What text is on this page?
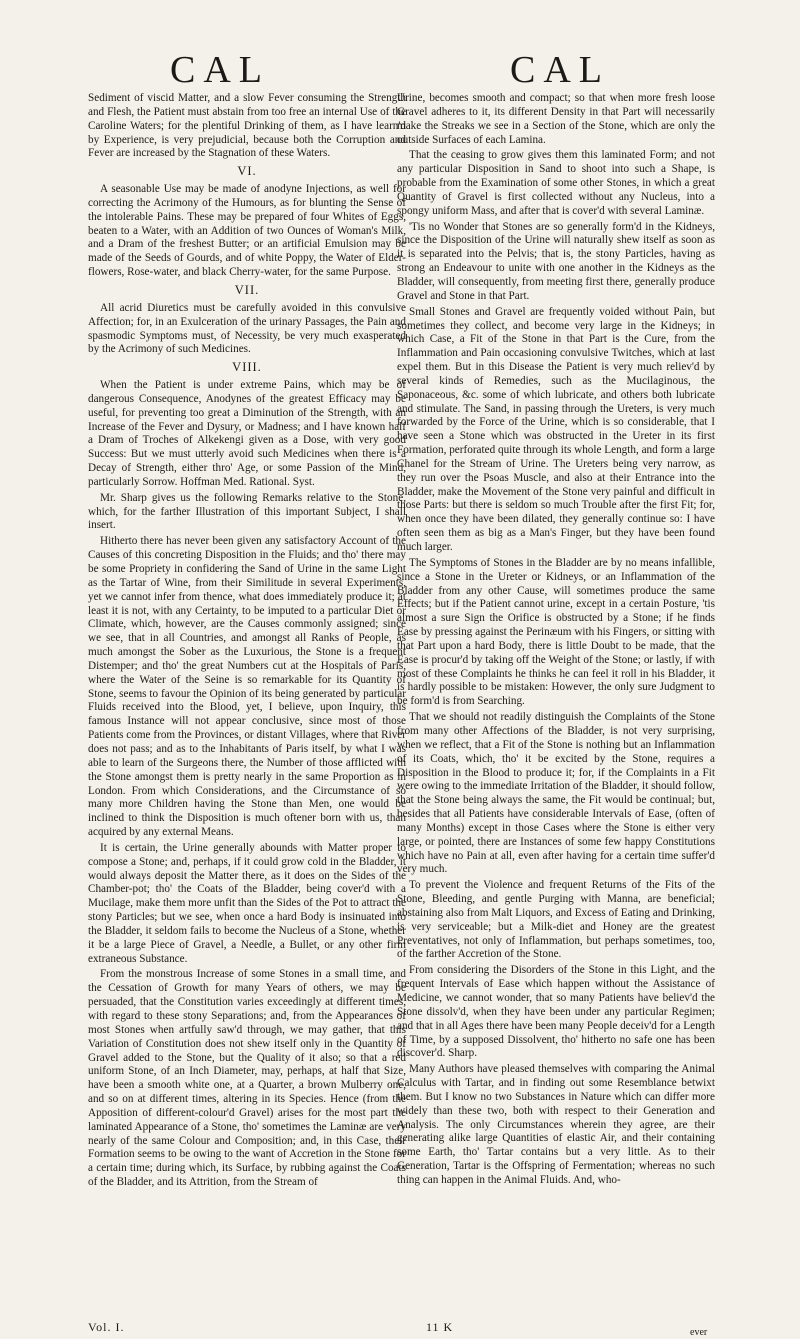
CAL	CAL

Sediment of viscid Matter, and a slow Fever consuming the Strength and Flesh, the Patient must abstain from too free an internal Use of the Caroline Waters; for the plentiful Drinking of them, as I have learn'd by Experience, is very prejudicial, because both the Corruption and Fever are increased by the Stagnation of these Waters.

VI.

A seasonable Use may be made of anodyne Injections, as well for correcting the Acrimony of the Humours, as for blunting the Sense of the intolerable Pains. These may be prepared of four Whites of Eggs, beaten to a Water, with an Addition of two Ounces of Woman's Milk, and a Dram of the freshest Butter; or an artificial Emulsion may be made of the Seeds of Gourds, and of white Poppy, the Water of Elder-flowers, Rose-water, and black Cherry-water, for the same Purpose.

VII.

All acrid Diuretics must be carefully avoided in this convulsive Affection; for, in an Exulceration of the urinary Passages, the Pain and spasmodic Symptoms must, of Necessity, be very much exasperated by the Acrimony of such Medicines.

VIII.

When the Patient is under extreme Pains, which may be of dangerous Consequence, Anodynes of the greatest Efficacy may be useful, for preventing too great a Diminution of the Strength, with an Increase of the Fever and Dysury, or Madness; and I have known half a Dram of Troches of Alkekengi given as a Dose, with very good Success: But we must utterly avoid such Medicines when there is a Decay of Strength, either thro' Age, or some Passion of the Mind, particularly Sorrow. Hoffman Med. Rational. Syst.

Mr. Sharp gives us the following Remarks relative to the Stone, which, for the farther Illustration of this important Subject, I shall insert.

Hitherto there has never been given any satisfactory Account of the Causes of this concreting Disposition in the Fluids; and tho' there may be some Propriety in confidering the Sand of Urine in the same Light as the Tartar of Wine, from their Similitude in several Experiments, yet we cannot infer from thence, what does immediately produce it; at least it is not, with any Certainty, to be imputed to a particular Diet or Climate, which, however, are the Causes commonly assigned; since we see, that in all Countries, and amongst all Ranks of People, as much amongst the Sober as the Luxurious, the Stone is a frequent Distemper; and tho' the great Numbers cut at the Hospitals of Paris, where the Water of the Seine is so remarkable for its Quantity of Stone, seems to favour the Opinion of its being generated by particular Fluids received into the Blood, yet, I believe, upon Inquiry, this famous Instance will not appear conclusive, since most of those Patients come from the Provinces, or distant Villages, where that River does not pass; and as to the Inhabitants of Paris itself, by what I was able to learn of the Surgeons there, the Number of those afflicted with the Stone amongst them is pretty nearly in the same Proportion as in London. From which Considerations, and the Circumstance of so many more Children having the Stone than Men, one would be inclined to think the Disposition is much oftener born with us, than acquired by any external Means.

It is certain, the Urine generally abounds with Matter proper to compose a Stone; and, perhaps, if it could grow cold in the Bladder, it would always deposit the Matter there, as it does on the Sides of the Chamber-pot; tho' the Coats of the Bladder, being cover'd with a Mucilage, make them more unfit than the Sides of the Pot to attract the stony Particles; but we see, when once a hard Body is insinuated into the Bladder, it seldom fails to become the Nucleus of a Stone, whether it be a large Piece of Gravel, a Needle, a Bullet, or any other firm extraneous Substance.

From the monstrous Increase of some Stones in a small time, and the Cessation of Growth for many Years of others, we may be persuaded, that the Constitution varies exceedingly at different times, with regard to these stony Separations; and, from the Appearances of most Stones when artfully saw'd through, we may gather, that this Variation of Constitution does not shew itself only in the Quantity of Gravel added to the Stone, but the Quality of it also; so that a red uniform Stone, of an Inch Diameter, may, perhaps, at half that Size, have been a smooth white one, at a Quarter, a brown Mulberry one, and so on at different times, altering in its Species. Hence (from the Apposition of different-colour'd Gravel) arises for the most part the laminated Appearance of a Stone, tho' sometimes the Laminæ are very nearly of the same Colour and Composition; and, in this Case, their Formation seems to be owing to the want of Accretion in the Stone for a certain time; during which, its Surface, by rubbing against the Coats of the Bladder, and its Attrition, from the Stream of

Urine, becomes smooth and compact; so that when more fresh loose Gravel adheres to it, its different Density in that Part will necessarily make the Streaks we see in a Section of the Stone, which are only the outside Surfaces of each Lamina.

That the ceasing to grow gives them this laminated Form; and not any particular Disposition in Sand to shoot into such a Shape, is probable from the Examination of some other Stones, in which a great Quantity of Gravel is first collected without any Nucleus, into a spongy uniform Mass, and after that is cover'd with several Laminæ.

'Tis no Wonder that Stones are so generally form'd in the Kidneys, since the Disposition of the Urine will naturally shew itself as soon as it is separated into the Pelvis; that is, the stony Particles, having as strong an Endeavour to unite with one another in the Kidneys as the Bladder, will consequently, from meeting first there, generally produce Gravel and Stone in that Part.

Small Stones and Gravel are frequently voided without Pain, but sometimes they collect, and become very large in the Kidneys; in which Case, a Fit of the Stone in that Part is the Cure, from the Inflammation and Pain occasioning convulsive Twitches, which at last expel them. But in this Disease the Patient is very much reliev'd by several kinds of Remedies, such as the Mucilaginous, the Saponaceous, &c. some of which lubricate, and others both lubricate and stimulate. The Sand, in passing through the Ureters, is very much forwarded by the Force of the Urine, which is so considerable, that I have seen a Stone which was obstructed in the Ureter in its first Formation, perforated quite through its whole Length, and form a large Chanel for the Stream of Urine. The Ureters being very narrow, as they run over the Psoas Muscle, and also at their Entrance into the Bladder, make the Movement of the Stone very painful and difficult in those Parts: but there is seldom so much Trouble after the first Fit; for, when once they have been dilated, they generally continue so: I have often seen them as big as a Man's Finger, but they have been found much larger.

The Symptoms of Stones in the Bladder are by no means infallible, since a Stone in the Ureter or Kidneys, or an Inflammation of the Bladder from any other Cause, will sometimes produce the same Effects; but if the Patient cannot urine, except in a certain Posture, 'tis almost a sure Sign the Orifice is obstructed by a Stone; if he finds Ease by pressing against the Perinæum with his Fingers, or sitting with that Part upon a hard Body, there is little Doubt to be made, that the Ease is procur'd by taking off the Weight of the Stone; or lastly, if with most of these Complaints he thinks he can feel it roll in his Bladder, it is hardly possible to be mistaken: However, the only sure Judgment to be form'd is from Searching.

That we should not readily distinguish the Complaints of the Stone from many other Affections of the Bladder, is not very surprising, when we reflect, that a Fit of the Stone is nothing but an Inflammation of its Coats, which, tho' it be excited by the Stone, requires a Disposition in the Blood to produce it; for, if the Complaints in a Fit were owing to the immediate Irritation of the Bladder, it should follow, that the Stone being always the same, the Fit would be continual; but, besides that all Patients have considerable Intervals of Ease, (often of many Months) except in those Cases where the Stone is either very large, or pointed, there are Instances of some few happy Constitutions which have no Pain at all, even after having for a certain time suffer'd very much.

To prevent the Violence and frequent Returns of the Fits of the Stone, Bleeding, and gentle Purging with Manna, are beneficial; abstaining also from Malt Liquors, and Excess of Eating and Drinking, is very serviceable; but a Milk-diet and Honey are the greatest Preventatives, not only of Inflammation, but perhaps sometimes, too, of the farther Accretion of the Stone.

From considering the Disorders of the Stone in this Light, and the frequent Intervals of Ease which happen without the Assistance of Medicine, we cannot wonder, that so many Patients have believ'd the Stone dissolv'd, when they have been under any particular Regimen; and that in all Ages there have been many People deceiv'd for a Length of Time, by a supposed Dissolvent, tho' hitherto no safe one has been discover'd. Sharp.

Many Authors have pleased themselves with comparing the Animal Calculus with Tartar, and in finding out some Resemblance betwixt them. But I know no two Substances in Nature which can differ more widely than these two, both with respect to their Generation and Analysis. The only Circumstances wherein they agree, are their generating alike large Quantities of elastic Air, and their containing some Earth, tho' Tartar contains but a very little. As to their Generation, Tartar is the Offspring of Fermentation; whereas no such thing can happen in the Animal Fluids. And, who-

Vol. I.	11 K	ever
